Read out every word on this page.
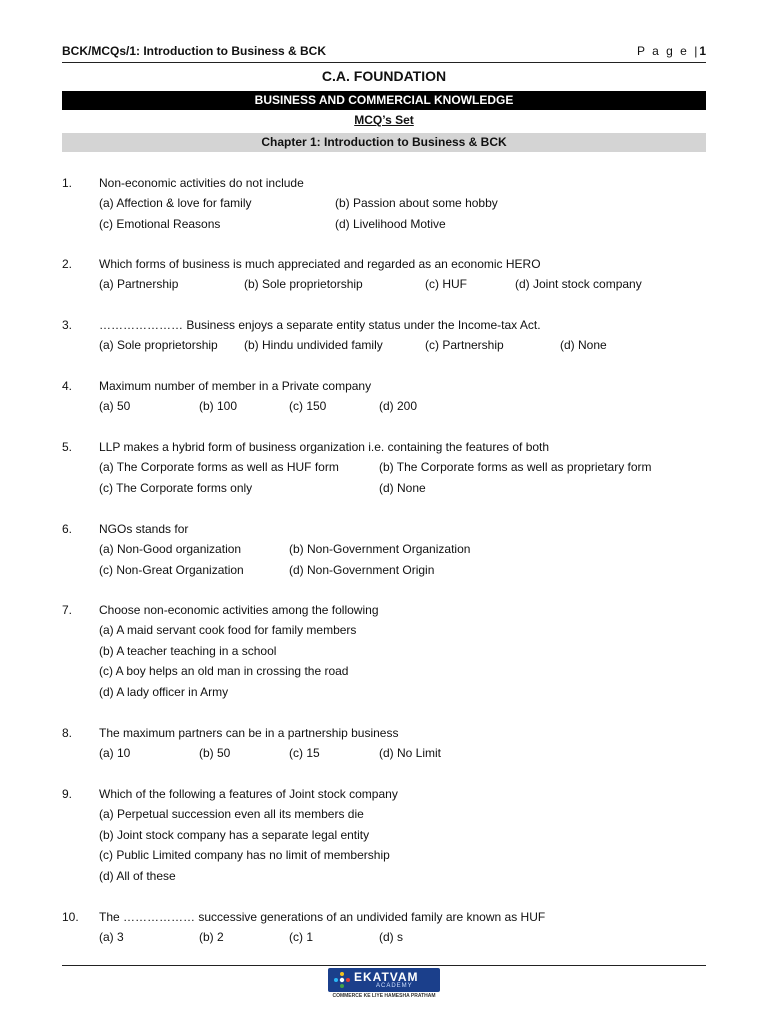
BCK/MCQs/1: Introduction to Business & BCK	P a g e |1
C.A. FOUNDATION
BUSINESS AND COMMERCIAL KNOWLEDGE
MCQ’s Set
Chapter 1: Introduction to Business & BCK
1. Non-economic activities do not include
(a) Affection & love for family	(b) Passion about some hobby
(c) Emotional Reasons	(d) Livelihood Motive
2. Which forms of business is much appreciated and regarded as an economic HERO
(a) Partnership	(b) Sole proprietorship	(c) HUF	(d) Joint stock company
3. ………………… Business enjoys a separate entity status under the Income-tax Act.
(a) Sole proprietorship (b) Hindu undivided family	(c) Partnership	(d) None
4. Maximum number of member in a Private company
(a) 50	(b) 100	(c) 150	(d) 200
5. LLP makes a hybrid form of business organization i.e. containing the features of both
(a) The Corporate forms as well as HUF form	(b) The Corporate forms as well as proprietary form
(c) The Corporate forms only	(d) None
6. NGOs stands for
(a) Non-Good organization	(b) Non-Government Organization
(c) Non-Great Organization	(d) Non-Government Origin
7. Choose non-economic activities among the following
(a) A maid servant cook food for family members
(b) A teacher teaching in a school
(c) A boy helps an old man in crossing the road
(d) A lady officer in Army
8. The maximum partners can be in a partnership business
(a) 10	(b) 50	(c) 15	(d) No Limit
9. Which of the following a features of Joint stock company
(a) Perpetual succession even all its members die
(b) Joint stock company has a separate legal entity
(c) Public Limited company has no limit of membership
(d) All of these
10. The ……………… successive generations of an undivided family are known as HUF
(a) 3	(b) 2	(c) 1	(d) s
EKATVAM
ACADEMY
COMMERCE KE LIYE HAMESHA PRATHAM
